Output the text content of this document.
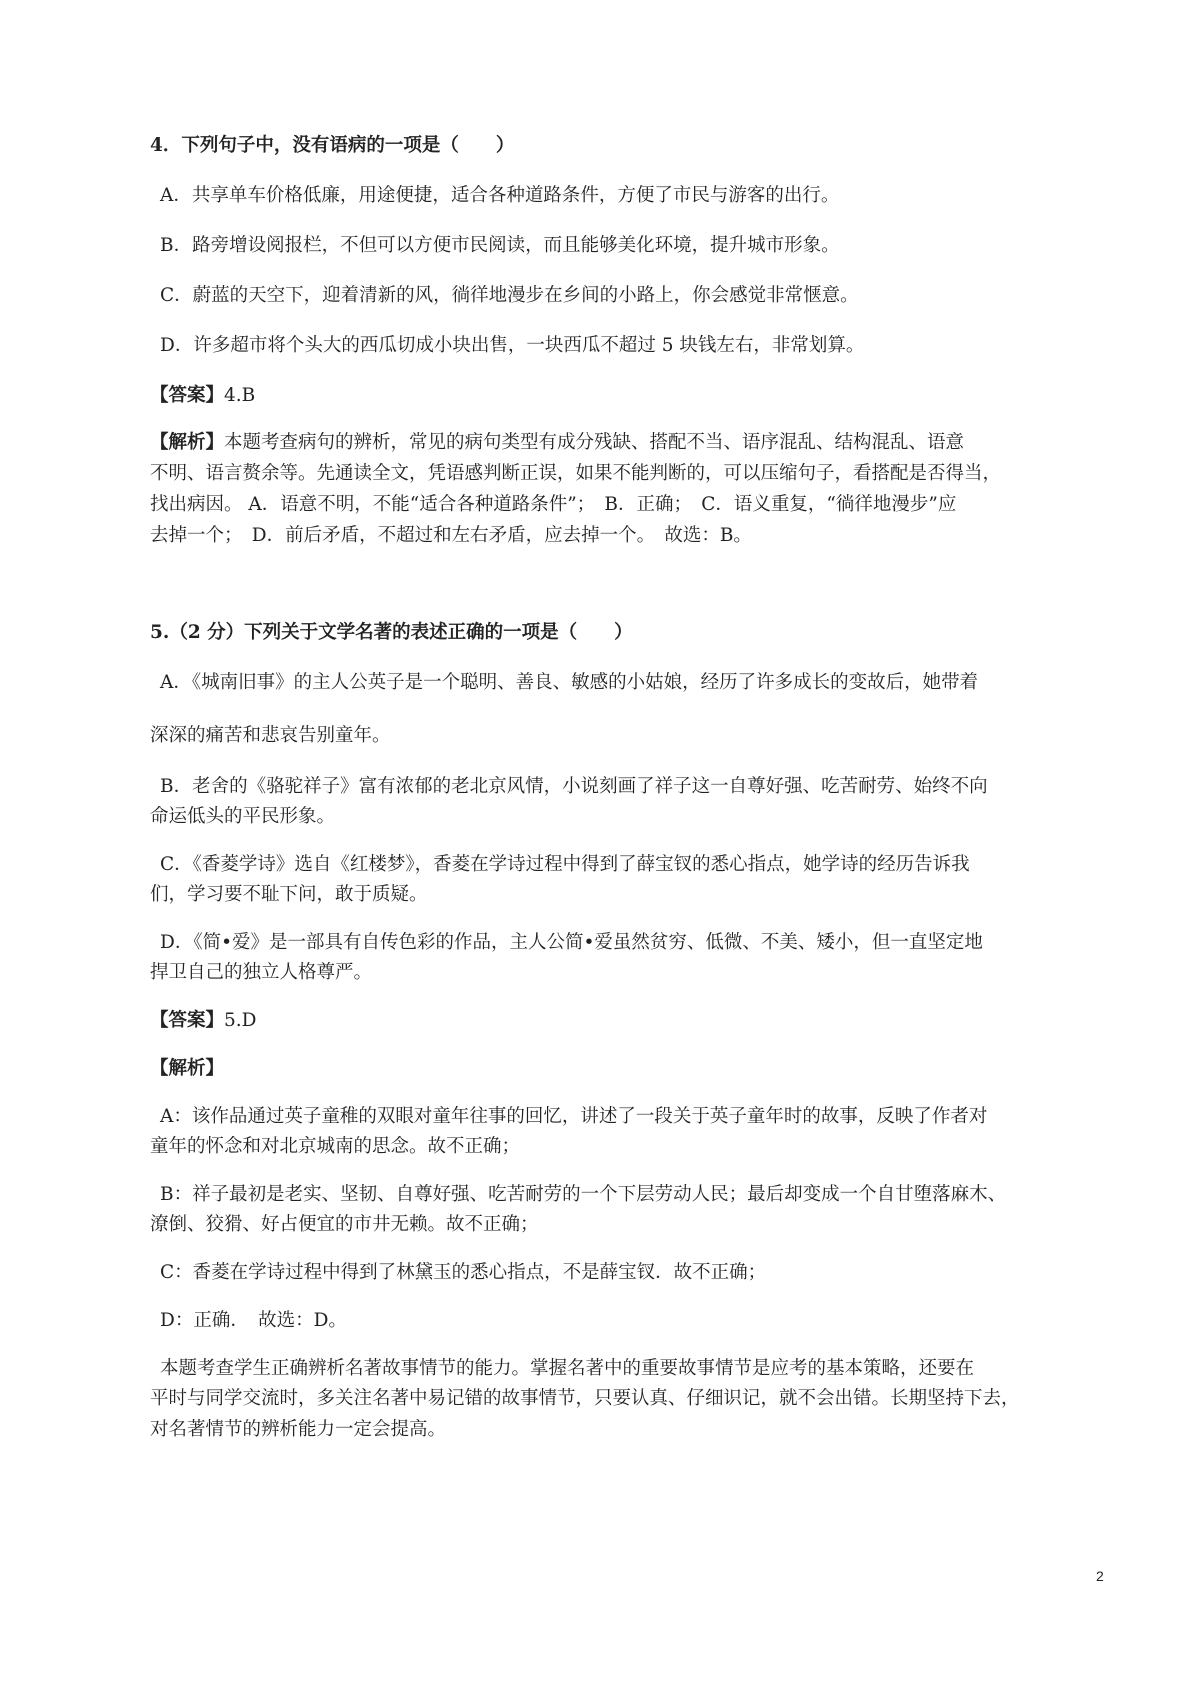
4．下列句子中，没有语病的一项是（　　）
A．共享单车价格低廉，用途便捷，适合各种道路条件，方便了市民与游客的出行。
B．路旁增设阅报栏，不但可以方便市民阅读，而且能够美化环境，提升城市形象。
C．蔚蓝的天空下，迎着清新的风，徜徉地漫步在乡间的小路上，你会感觉非常惬意。
D．许多超市将个头大的西瓜切成小块出售，一块西瓜不超过 5 块钱左右，非常划算。
【答案】4.B
【解析】本题考查病句的辨析，常见的病句类型有成分残缺、搭配不当、语序混乱、结构混乱、语意
不明、语言赘余等。先通读全文，凭语感判断正误，如果不能判断的，可以压缩句子，看搭配是否得当，
找出病因。 A．语意不明，不能“适合各种道路条件”；　B．正确；　C．语义重复，“徜徉地漫步”应
去掉一个；　D．前后矛盾，不超过和左右矛盾，应去掉一个。　故选：B。
5.（2 分）下列关于文学名著的表述正确的一项是（　　）
A．《城南旧事》的主人公英子是一个聪明、善良、敏感的小姑娘，经历了许多成长的变故后，她带着
深深的痛苦和悲哀告别童年。
B．老舍的《骆驼祥子》富有浓郁的老北京风情，小说刻画了祥子这一自尊好强、吃苦耐劳、始终不向
命运低头的平民形象。
C．《香菱学诗》选自《红楼梦》，香菱在学诗过程中得到了薛宝钗的悉心指点，她学诗的经历告诉我
们，学习要不耻下问，敢于质疑。
D．《简•爱》是一部具有自传色彩的作品，主人公简•爱虽然贫穷、低微、不美、矮小，但一直坚定地
捍卫自己的独立人格尊严。
【答案】5.D
【解析】
A：该作品通过英子童稚的双眼对童年往事的回忆，讲述了一段关于英子童年时的故事，反映了作者对
童年的怀念和对北京城南的思念。故不正确；
B：祥子最初是老实、坚韧、自尊好强、吃苦耐劳的一个下层劳动人民；最后却变成一个自甘堕落麻木、
潦倒、狡猾、好占便宜的市井无赖。故不正确；
C：香菱在学诗过程中得到了林黛玉的悉心指点，不是薛宝钗．故不正确；
D：正确．　故选：D。
本题考查学生正确辨析名著故事情节的能力。掌握名著中的重要故事情节是应考的基本策略，还要在
平时与同学交流时，多关注名著中易记错的故事情节，只要认真、仔细识记，就不会出错。长期坚持下去，
对名著情节的辨析能力一定会提高。
2
